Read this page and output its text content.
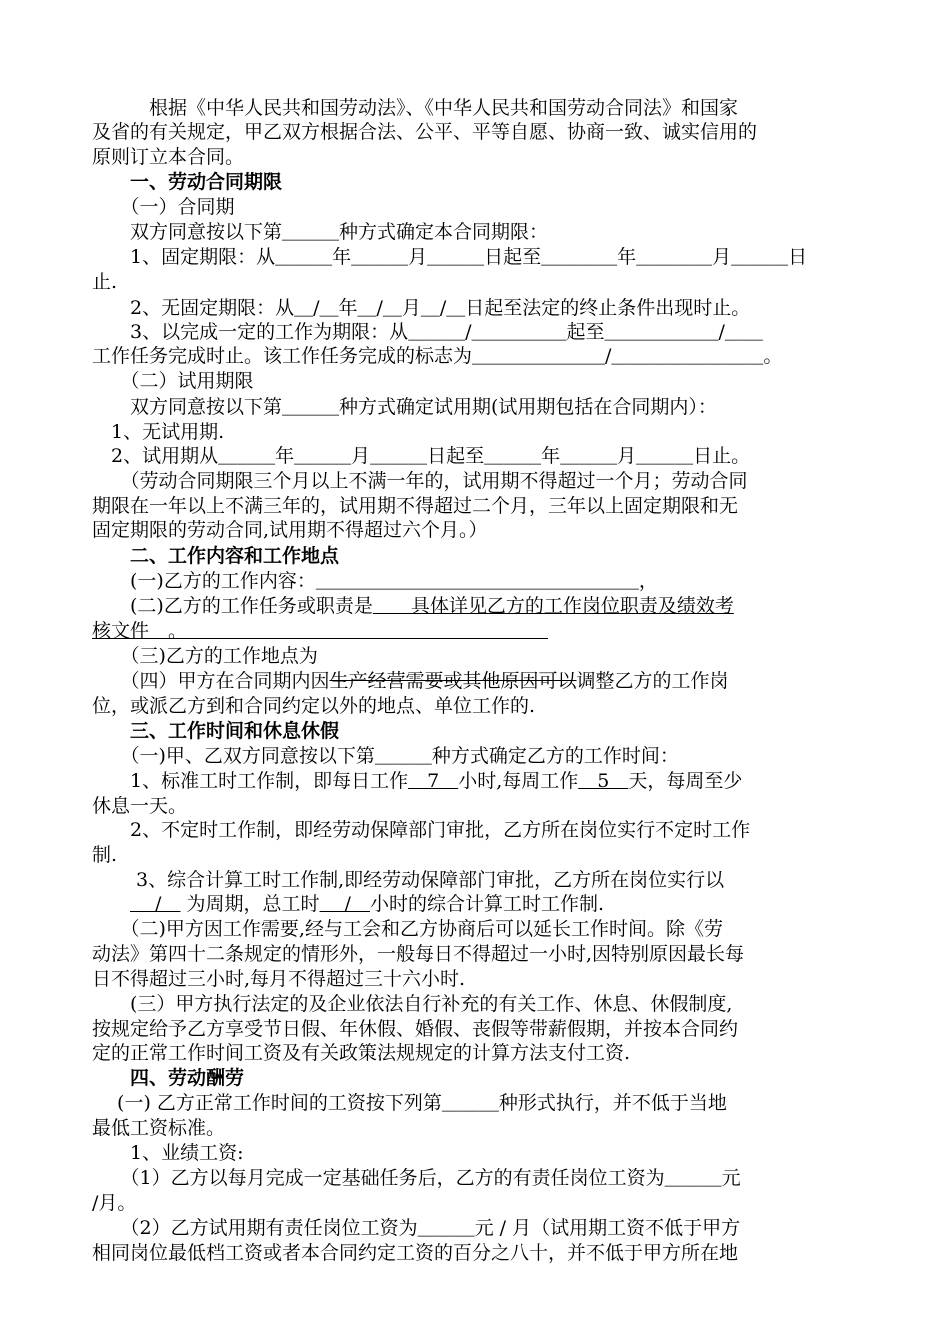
　　　根据《中华人民共和国劳动法》、《中华人民共和国劳动合同法》和国家
及省的有关规定，甲乙双方根据合法、公平、平等自愿、协商一致、诚实信用的
原则订立本合同。
　　一、劳动合同期限
　　（一）合同期
　　双方同意按以下第＿＿＿种方式确定本合同期限：
　　1、固定期限：从＿＿＿年＿＿＿月＿＿＿日起至＿＿＿＿年＿＿＿＿月＿＿＿日
止.
　　2、无固定期限：从＿/＿年＿/＿月＿/＿日起至法定的终止条件出现时止。
　　3、以完成一定的工作为期限：从＿＿＿/＿＿＿＿＿起至＿＿＿＿＿＿/＿＿
工作任务完成时止。该工作任务完成的标志为＿＿＿＿＿＿＿/＿＿＿＿＿＿＿＿。
　　（二）试用期限
　　双方同意按以下第＿＿＿种方式确定试用期(试用期包括在合同期内）：
　1、无试用期.
　2、试用期从＿＿＿年＿＿＿月＿＿＿日起至＿＿＿年＿＿＿月＿＿＿日止。
　　（劳动合同期限三个月以上不满一年的，试用期不得超过一个月；劳动合同
期限在一年以上不满三年的，试用期不得超过二个月，三年以上固定期限和无
固定期限的劳动合同,试用期不得超过六个月。）
　　二、工作内容和工作地点
　　(一)乙方的工作内容：＿＿＿＿＿＿＿＿＿＿＿＿＿＿＿＿＿，
　　(二)乙方的工作任务或职责是　　具体详见乙方的工作岗位职责及绩效考
核文件　。
　　（三)乙方的工作地点为
　　（四）甲方在合同期内因生产经营需要或其他原因可以调整乙方的工作岗
位，或派乙方到和合同约定以外的地点、单位工作的.
　　三、工作时间和休息休假
　　（一)甲、乙双方同意按以下第＿＿＿种方式确定乙方的工作时间：
　　1、标准工时工作制，即每日工作　7　小时,每周工作　5　天，每周至少
休息一天。
　　2、不定时工作制，即经劳动保障部门审批，乙方所在岗位实行不定时工作
制.
　　 3、综合计算工时工作制,即经劳动保障部门审批，乙方所在岗位实行以
　　　 /　 为周期，总工时　 /　小时的综合计算工时工作制.
　　（二)甲方因工作需要,经与工会和乙方协商后可以延长工作时间。除《劳
动法》第四十二条规定的情形外，一般每日不得超过一小时,因特别原因最长每
日不得超过三小时,每月不得超过三十六小时.
　　(三）甲方执行法定的及企业依法自行补充的有关工作、休息、休假制度,
按规定给予乙方享受节日假、年休假、婚假、丧假等带薪假期，并按本合同约
定的正常工作时间工资及有关政策法规规定的计算方法支付工资.
　　四、劳动酬劳
　 (一) 乙方正常工作时间的工资按下列第＿＿＿种形式执行，并不低于当地
最低工资标准。
　　1、业绩工资:
　　（1）乙方以每月完成一定基础任务后，乙方的有责任岗位工资为＿＿＿元
/月。
　　（2）乙方试用期有责任岗位工资为＿＿＿元 / 月（试用期工资不低于甲方
相同岗位最低档工资或者本合同约定工资的百分之八十，并不低于甲方所在地
